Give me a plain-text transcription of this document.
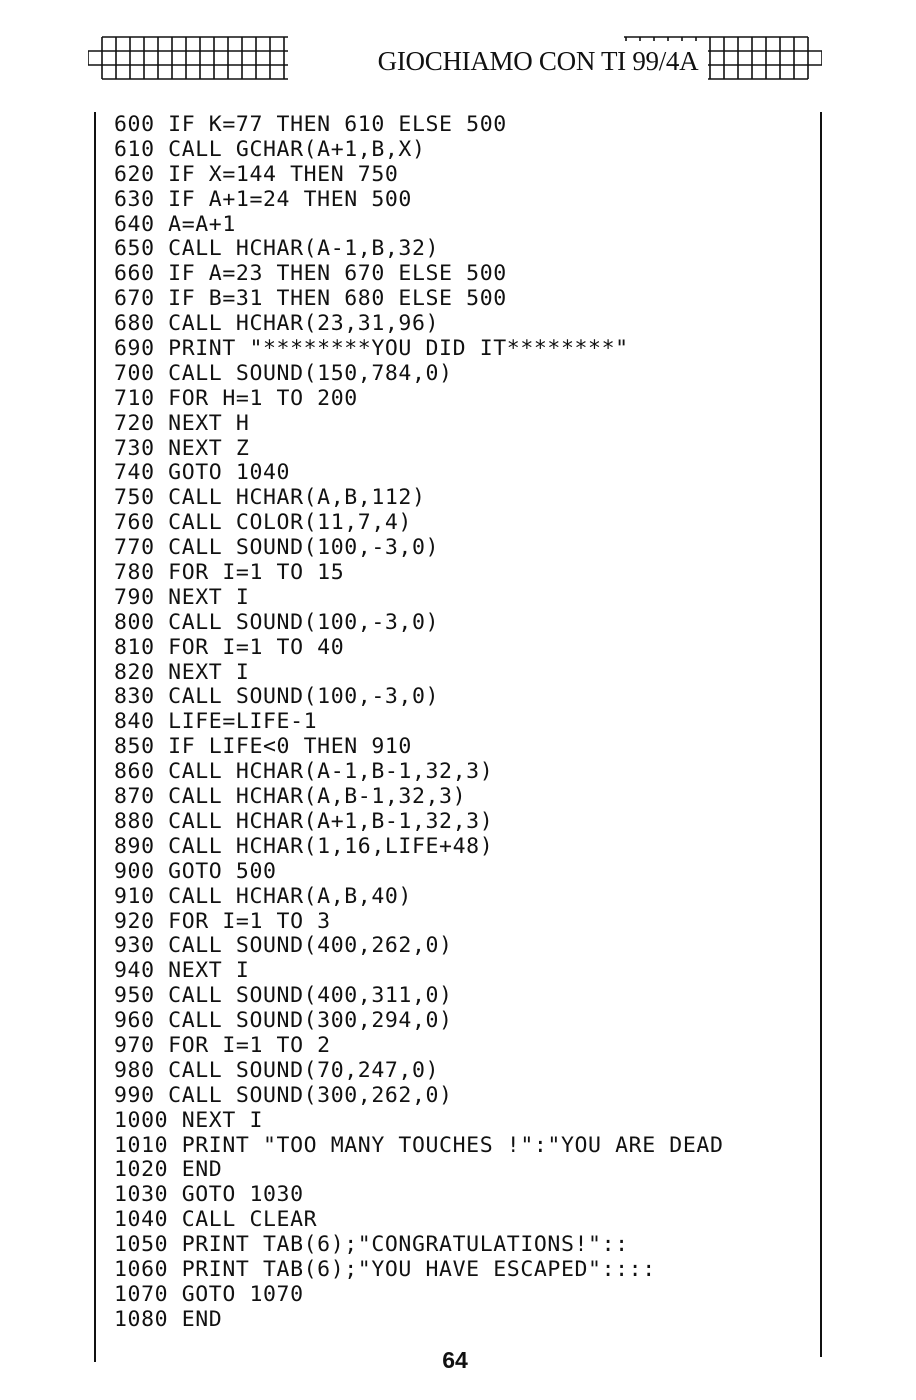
GIOCHIAMO CON TI 99/4A
600 IF K=77 THEN 610 ELSE 500
610 CALL GCHAR(A+1,B,X)
620 IF X=144 THEN 750
630 IF A+1=24 THEN 500
640 A=A+1
650 CALL HCHAR(A-1,B,32)
660 IF A=23 THEN 670 ELSE 500
670 IF B=31 THEN 680 ELSE 500
680 CALL HCHAR(23,31,96)
690 PRINT "********YOU DID IT********"
700 CALL SOUND(150,784,0)
710 FOR H=1 TO 200
720 NEXT H
730 NEXT Z
740 GOTO 1040
750 CALL HCHAR(A,B,112)
760 CALL COLOR(11,7,4)
770 CALL SOUND(100,-3,0)
780 FOR I=1 TO 15
790 NEXT I
800 CALL SOUND(100,-3,0)
810 FOR I=1 TO 40
820 NEXT I
830 CALL SOUND(100,-3,0)
840 LIFE=LIFE-1
850 IF LIFE<0 THEN 910
860 CALL HCHAR(A-1,B-1,32,3)
870 CALL HCHAR(A,B-1,32,3)
880 CALL HCHAR(A+1,B-1,32,3)
890 CALL HCHAR(1,16,LIFE+48)
900 GOTO 500
910 CALL HCHAR(A,B,40)
920 FOR I=1 TO 3
930 CALL SOUND(400,262,0)
940 NEXT I
950 CALL SOUND(400,311,0)
960 CALL SOUND(300,294,0)
970 FOR I=1 TO 2
980 CALL SOUND(70,247,0)
990 CALL SOUND(300,262,0)
1000 NEXT I
1010 PRINT "TOO MANY TOUCHES !":"YOU ARE DEAD
1020 END
1030 GOTO 1030
1040 CALL CLEAR
1050 PRINT TAB(6);"CONGRATULATIONS!"::
1060 PRINT TAB(6);"YOU HAVE ESCAPED"::::
1070 GOTO 1070
1080 END
64
